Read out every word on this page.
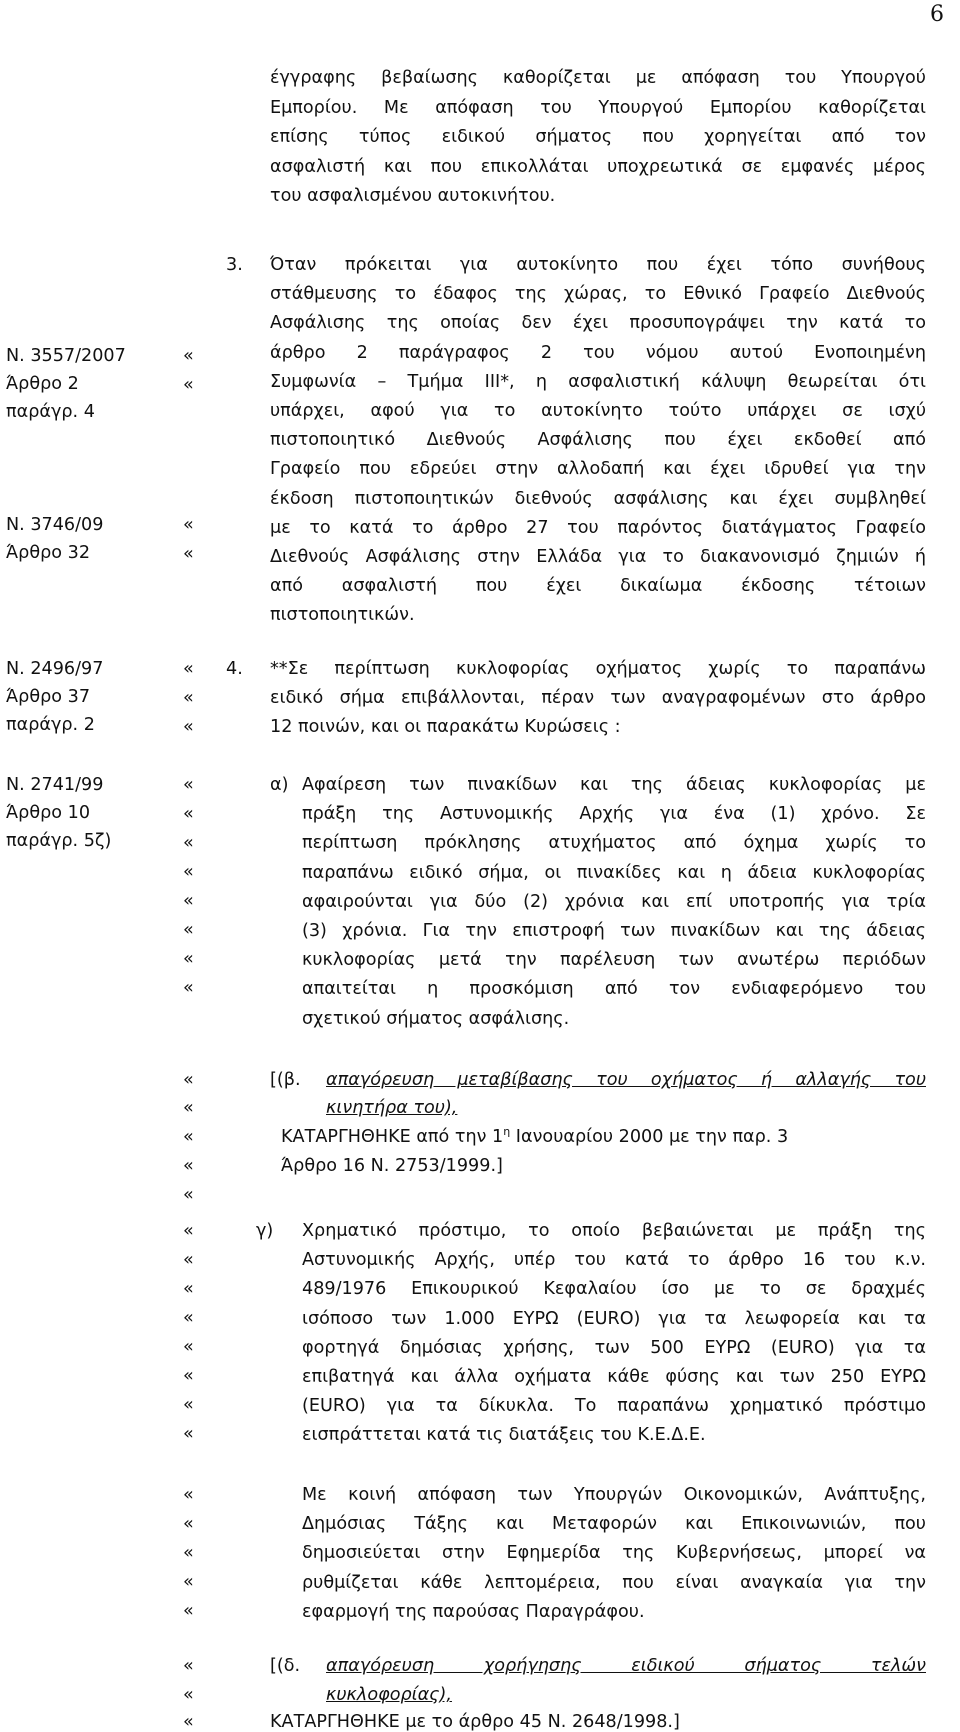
6
Ν. 3557/2007
Άρθρο 2
παράγρ. 4
Ν. 3746/09
Άρθρο 32
Ν. 2496/97
Άρθρο 37
παράγρ. 2
Ν. 2741/99
Άρθρο 10
παράγρ. 5ζ)
«
«
«
«
«
«
«
«
«
«
«
«
«
«
«
«
«
«
«
«
«
«
«
«
«
«
«
«
«
«
«
«
«
«
«
«
έγγραφης βεβαίωσης καθορίζεται με απόφαση του Υπουργού
Εμπορίου. Με απόφαση του Υπουργού Εμπορίου καθορίζεται
επίσης τύπος ειδικού σήματος που χορηγείται από τον
ασφαλιστή και που επικολλάται υποχρεωτικά σε εμφανές μέρος
του ασφαλισμένου αυτοκινήτου.
3. Όταν πρόκειται για αυτοκίνητο που έχει τόπο συνήθους
στάθμευσης το έδαφος της χώρας, το Εθνικό Γραφείο Διεθνούς
Ασφάλισης της οποίας δεν έχει προσυπογράψει την κατά το
άρθρο 2 παράγραφος 2 του νόμου αυτού Ενοποιημένη
Συμφωνία – Τμήμα ΙΙΙ*, η ασφαλιστική κάλυψη θεωρείται ότι
υπάρχει, αφού για το αυτοκίνητο τούτο υπάρχει σε ισχύ
πιστοποιητικό Διεθνούς Ασφάλισης που έχει εκδοθεί από
Γραφείο που εδρεύει στην αλλοδαπή και έχει ιδρυθεί για την
έκδοση πιστοποιητικών διεθνούς ασφάλισης και έχει συμβληθεί
με το κατά το άρθρο 27 του παρόντος διατάγματος Γραφείο
Διεθνούς Ασφάλισης στην Ελλάδα για το διακανονισμό ζημιών ή
από ασφαλιστή που έχει δικαίωμα έκδοσης τέτοιων
πιστοποιητικών.
4. **Σε περίπτωση κυκλοφορίας οχήματος χωρίς το παραπάνω
ειδικό σήμα επιβάλλονται, πέραν των αναγραφομένων στο άρθρο
12 ποινών, και οι παρακάτω Κυρώσεις :
α) Αφαίρεση των πινακίδων και της άδειας κυκλοφορίας με
πράξη της Αστυνομικής Αρχής για ένα (1) χρόνο. Σε
περίπτωση πρόκλησης ατυχήματος από όχημα χωρίς το
παραπάνω ειδικό σήμα, οι πινακίδες και η άδεια κυκλοφορίας
αφαιρούνται για δύο (2) χρόνια και επί υποτροπής για τρία
(3) χρόνια. Για την επιστροφή των πινακίδων και της άδειας
κυκλοφορίας μετά την παρέλευση των ανωτέρω περιόδων
απαιτείται η προσκόμιση από τον ενδιαφερόμενο του
σχετικού σήματος ασφάλισης.
[(β. απαγόρευση μεταβίβασης του οχήματος ή αλλαγής του
κινητήρα του),
ΚΑΤΑΡΓΗΘΗΚΕ από την $1^\eta$ Ιανουαρίου 2000 με την παρ. 3
Άρθρο 16 Ν. 2753/1999.]
γ) Χρηματικό πρόστιμο, το οποίο βεβαιώνεται με πράξη της
Αστυνομικής Αρχής, υπέρ του κατά το άρθρο 16 του κ.ν.
489/1976 Επικουρικού Κεφαλαίου ίσο με το σε δραχμές
ισόποσο των 1.000 ΕΥΡΩ (EURO) για τα λεωφορεία και τα
φορτηγά δημόσιας χρήσης, των 500 ΕΥΡΩ (EURO) για τα
επιβατηγά και άλλα οχήματα κάθε φύσης και των 250 ΕΥΡΩ
(EURO) για τα δίκυκλα. Το παραπάνω χρηματικό πρόστιμο
εισπράττεται κατά τις διατάξεις του Κ.Ε.Δ.Ε.
Με κοινή απόφαση των Υπουργών Οικονομικών, Ανάπτυξης,
Δημόσιας Τάξης και Μεταφορών και Επικοινωνιών, που
δημοσιεύεται στην Εφημερίδα της Κυβερνήσεως, μπορεί να
ρυθμίζεται κάθε λεπτομέρεια, που είναι αναγκαία για την
εφαρμογή της παρούσας Παραγράφου.
[(δ. απαγόρευση χορήγησης ειδικού σήματος τελών
κυκλοφορίας),
ΚΑΤΑΡΓΗΘΗΚΕ με το άρθρο 45 Ν. 2648/1998.]
